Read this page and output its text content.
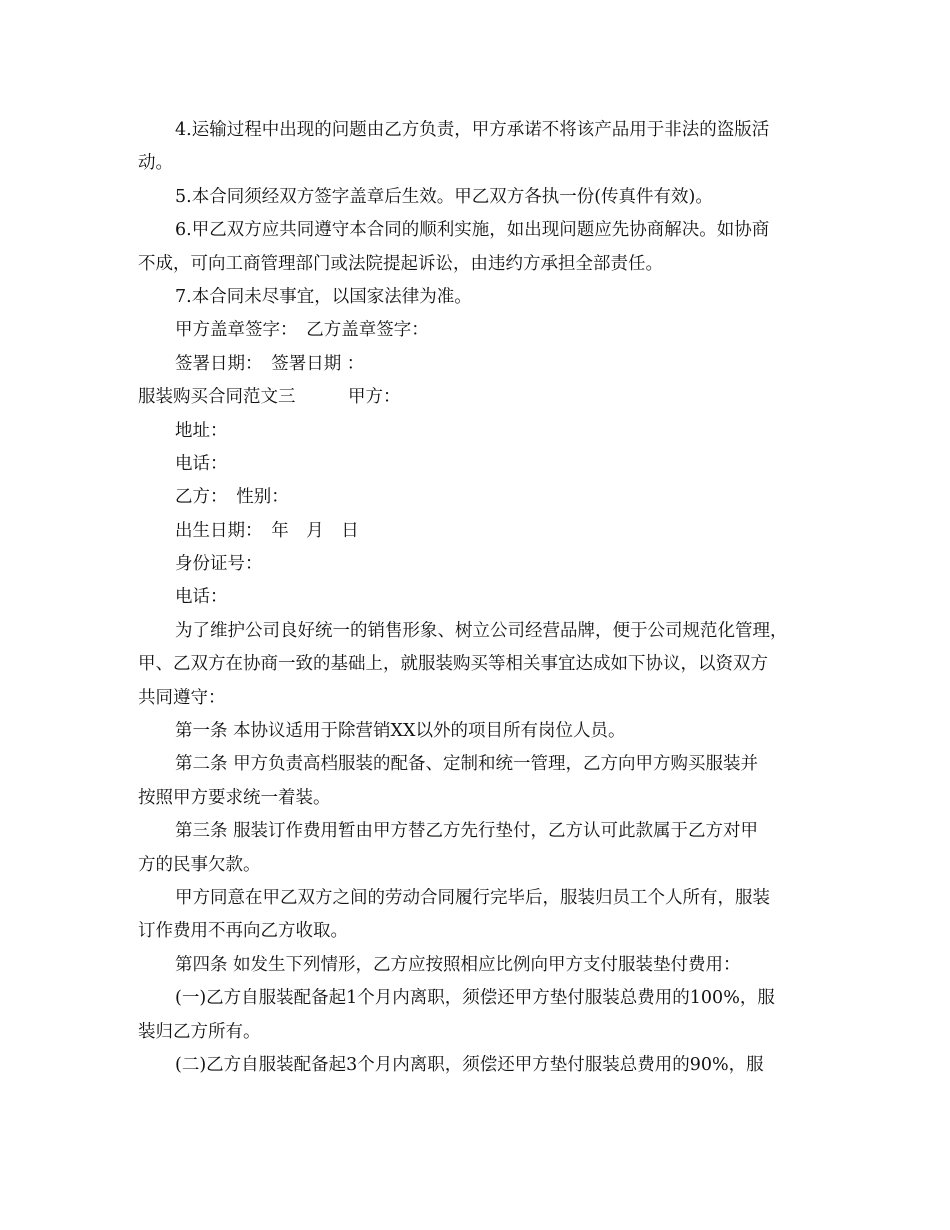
4.运输过程中出现的问题由乙方负责，甲方承诺不将该产品用于非法的盗版活
动。
5.本合同须经双方签字盖章后生效。甲乙双方各执一份(传真件有效)。
6.甲乙双方应共同遵守本合同的顺利实施，如出现问题应先协商解决。如协商
不成，可向工商管理部门或法院提起诉讼，由违约方承担全部责任。
7.本合同未尽事宜，以国家法律为准。
甲方盖章签字：　乙方盖章签字：
签署日期：　签署日期 ：
服装购买合同范文三　　　甲方：
地址：
电话：
乙方：　性别：
出生日期：　年　月　日
身份证号：
电话：
为了维护公司良好统一的销售形象、树立公司经营品牌，便于公司规范化管理，
甲、乙双方在协商一致的基础上，就服装购买等相关事宜达成如下协议，以资双方
共同遵守：
第一条 本协议适用于除营销XX以外的项目所有岗位人员。
第二条 甲方负责高档服装的配备、定制和统一管理，乙方向甲方购买服装并
按照甲方要求统一着装。
第三条 服装订作费用暂由甲方替乙方先行垫付，乙方认可此款属于乙方对甲
方的民事欠款。
甲方同意在甲乙双方之间的劳动合同履行完毕后，服装归员工个人所有，服装
订作费用不再向乙方收取。
第四条 如发生下列情形，乙方应按照相应比例向甲方支付服装垫付费用：
(一)乙方自服装配备起1个月内离职，须偿还甲方垫付服装总费用的100%，服
装归乙方所有。
(二)乙方自服装配备起3个月内离职，须偿还甲方垫付服装总费用的90%，服
